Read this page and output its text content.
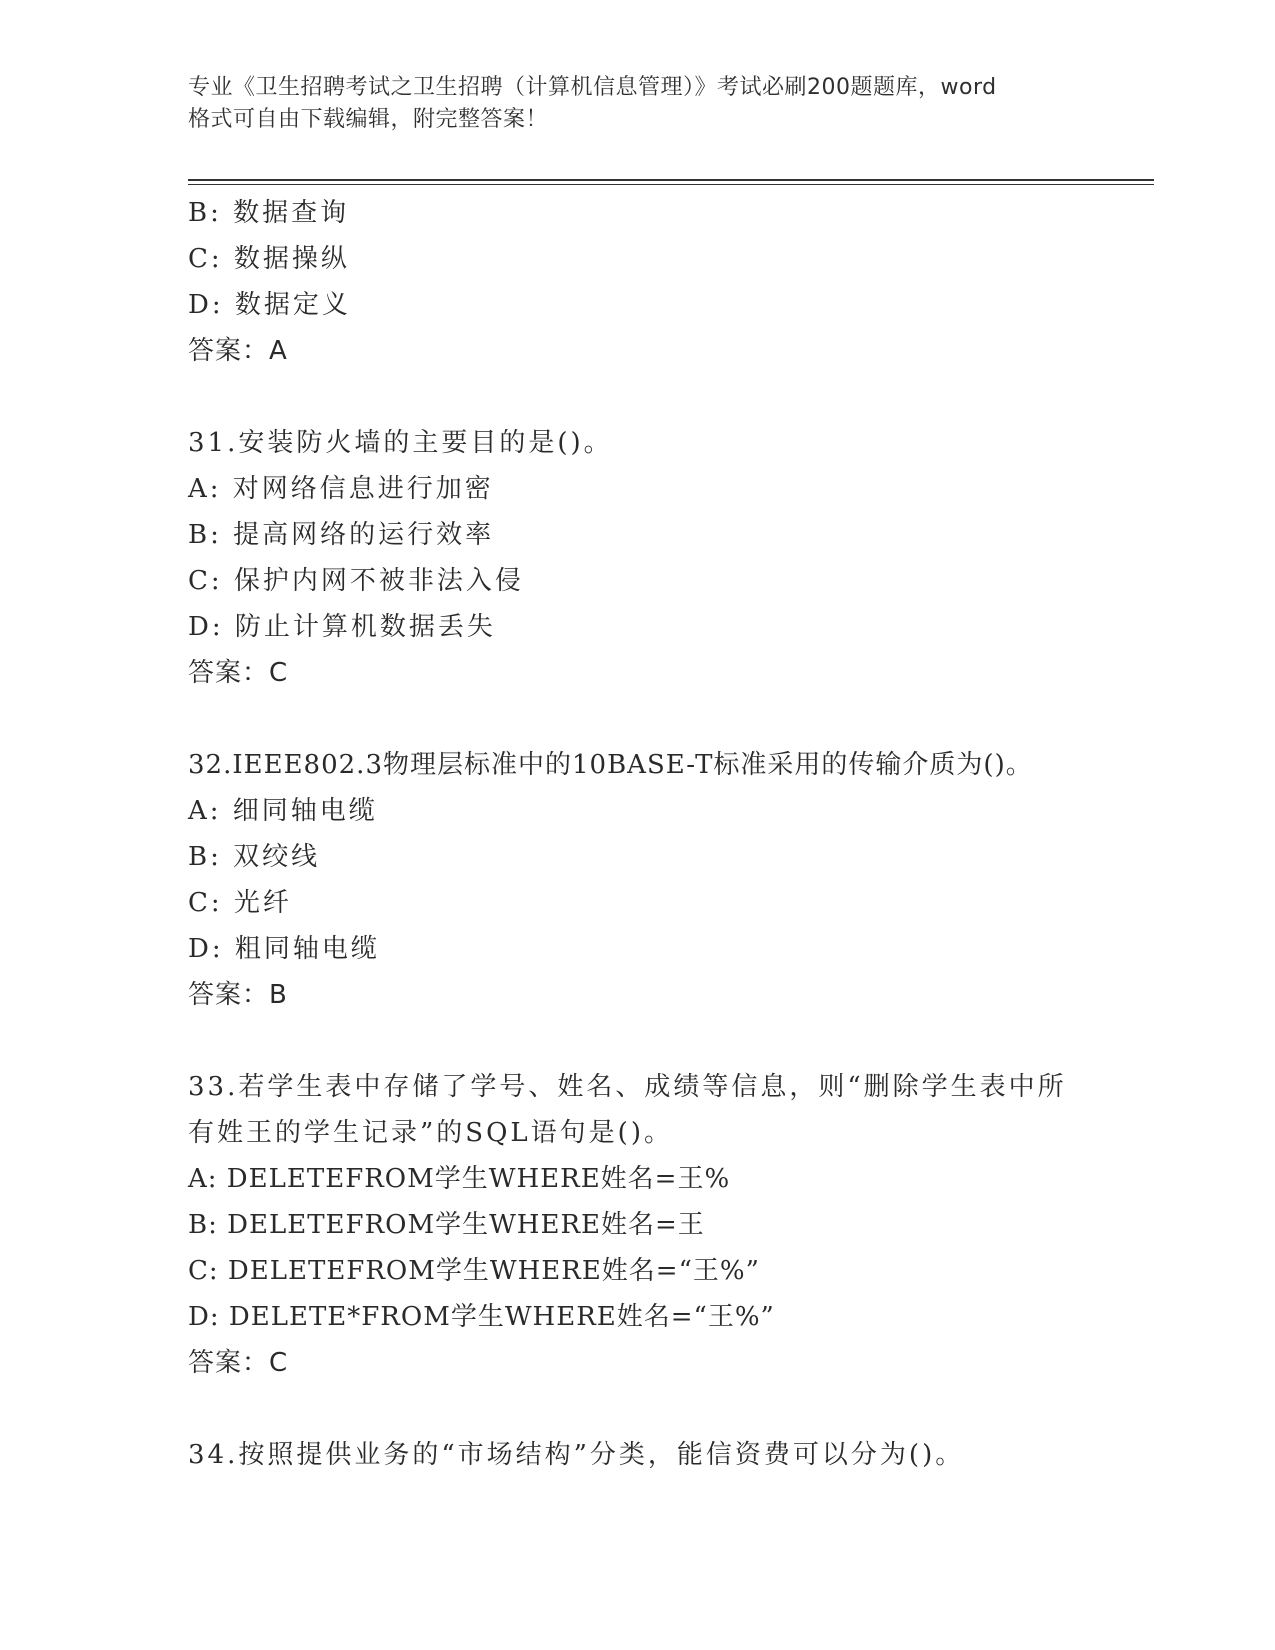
专业《卫生招聘考试之卫生招聘（计算机信息管理）》考试必刷200题题库，word
格式可自由下载编辑，附完整答案！
B: 数据查询
C: 数据操纵
D: 数据定义
答案：A
31.安装防火墙的主要目的是()。
A: 对网络信息进行加密
B: 提高网络的运行效率
C: 保护内网不被非法入侵
D: 防止计算机数据丢失
答案：C
32.IEEE802.3物理层标准中的10BASE-T标准采用的传输介质为()。
A: 细同轴电缆
B: 双绞线
C: 光纤
D: 粗同轴电缆
答案：B
33.若学生表中存储了学号、姓名、成绩等信息，则“删除学生表中所
有姓王的学生记录”的SQL语句是()。
A: DELETEFROM学生WHERE姓名=王%
B: DELETEFROM学生WHERE姓名=王
C: DELETEFROM学生WHERE姓名=“王%”
D: DELETE*FROM学生WHERE姓名=“王%”
答案：C
34.按照提供业务的“市场结构”分类，能信资费可以分为()。
